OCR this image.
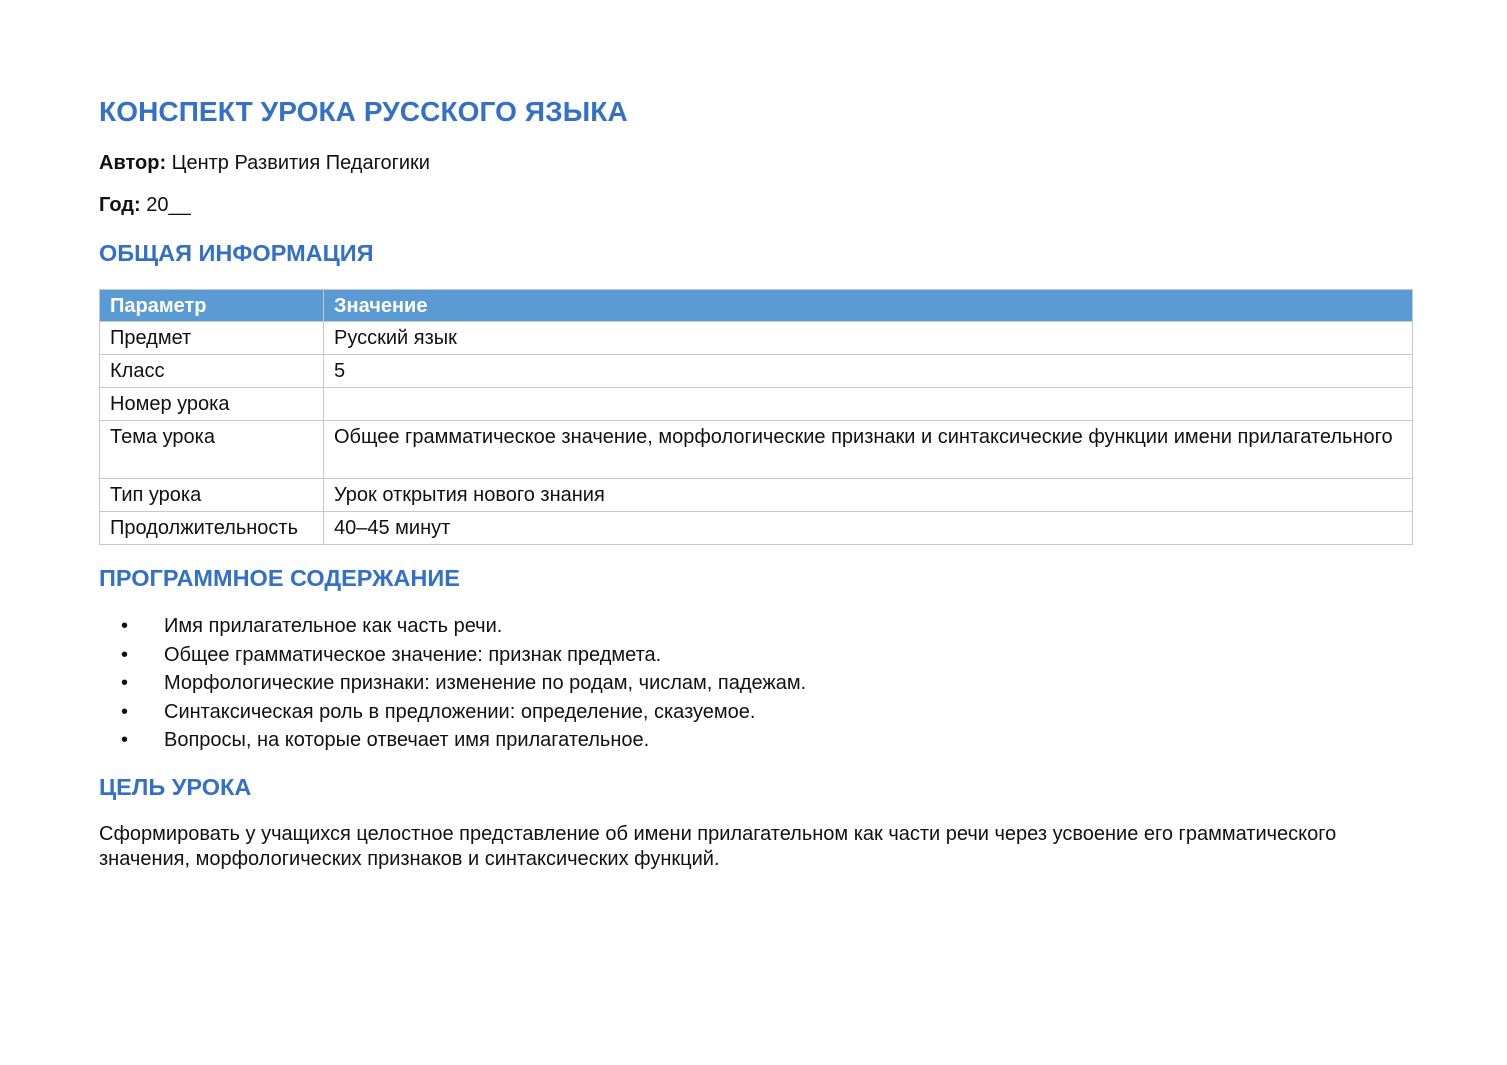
КОНСПЕКТ УРОКА РУССКОГО ЯЗЫКА

Автор: Центр Развития Педагогики

Год: 20__

ОБЩАЯ ИНФОРМАЦИЯ
Параметр	Значение
Предмет	Русский язык
Класс	5
Номер урока	
Тема урока	Общее грамматическое значение, морфологические признаки и синтаксические функции имени прилагательного
Тип урока	Урок открытия нового знания
Продолжительность	40–45 минут
ПРОГРАММНОЕ СОДЕРЖАНИЕ
• Имя прилагательное как часть речи.
• Общее грамматическое значение: признак предмета.
• Морфологические признаки: изменение по родам, числам, падежам.
• Синтаксическая роль в предложении: определение, сказуемое.
• Вопросы, на которые отвечает имя прилагательное.
ЦЕЛЬ УРОКА

Сформировать у учащихся целостное представление об имени прилагательном как части речи через усвоение его грамматического значения, морфологических признаков и синтаксических функций.
